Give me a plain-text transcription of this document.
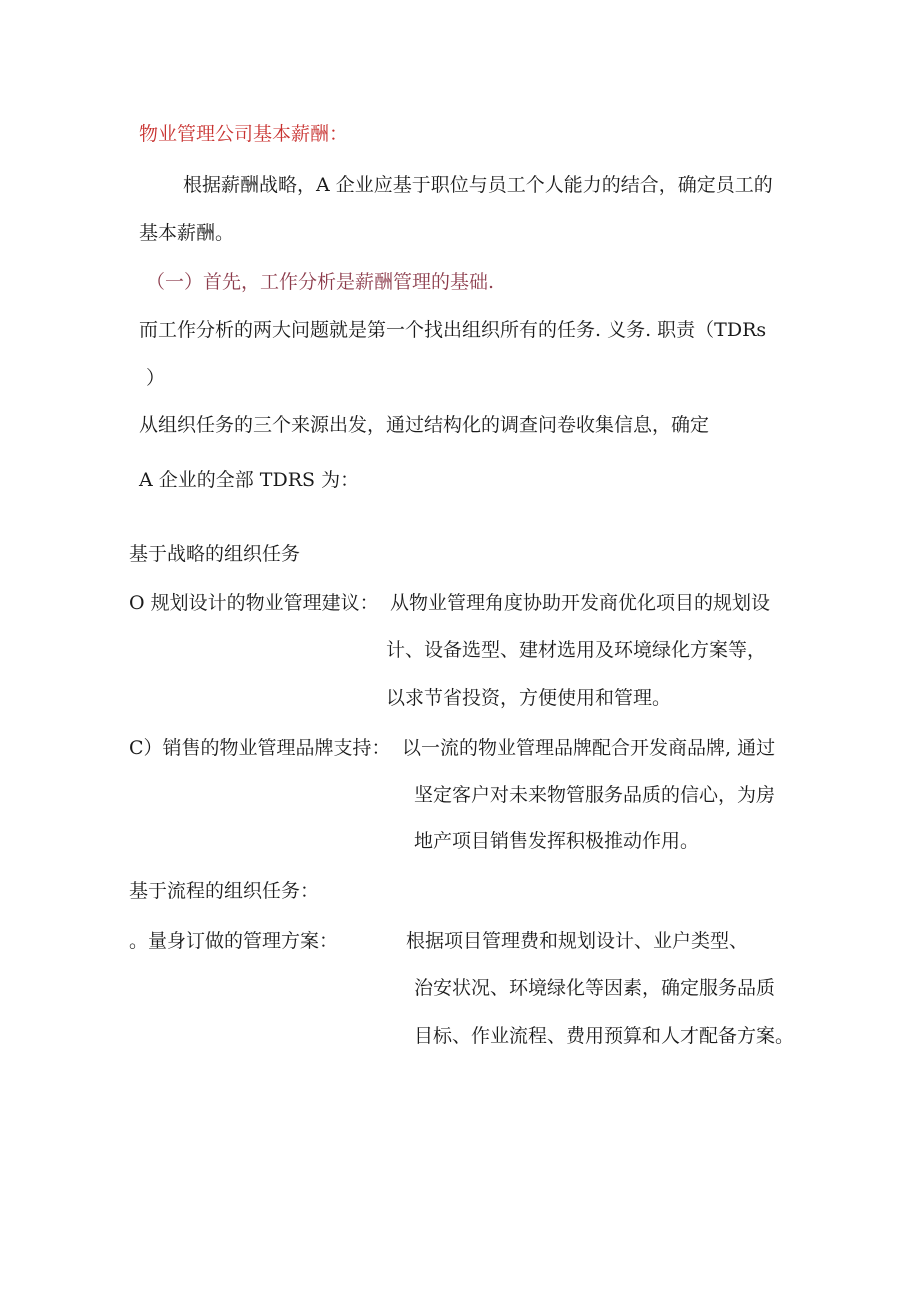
物业管理公司基本薪酬：
根据薪酬战略，A 企业应基于职位与员工个人能力的结合，确定员工的
基本薪酬。
（一）首先，工作分析是薪酬管理的基础.
而工作分析的两大问题就是第一个找出组织所有的任务. 义务. 职责（TDRs
）
从组织任务的三个来源出发，通过结构化的调查问卷收集信息，确定
A 企业的全部 TDRS 为：
基于战略的组织任务
O 规划设计的物业管理建议： 从物业管理角度协助开发商优化项目的规划设
计、设备选型、建材选用及环境绿化方案等，
以求节省投资，方便使用和管理。
C）销售的物业管理品牌支持： 以一流的物业管理品牌配合开发商品牌, 通过
坚定客户对未来物管服务品质的信心，为房
地产项目销售发挥积极推动作用。
基于流程的组织任务：
。量身订做的管理方案：	根据项目管理费和规划设计、业户类型、
治安状况、环境绿化等因素，确定服务品质
目标、作业流程、费用预算和人才配备方案。
